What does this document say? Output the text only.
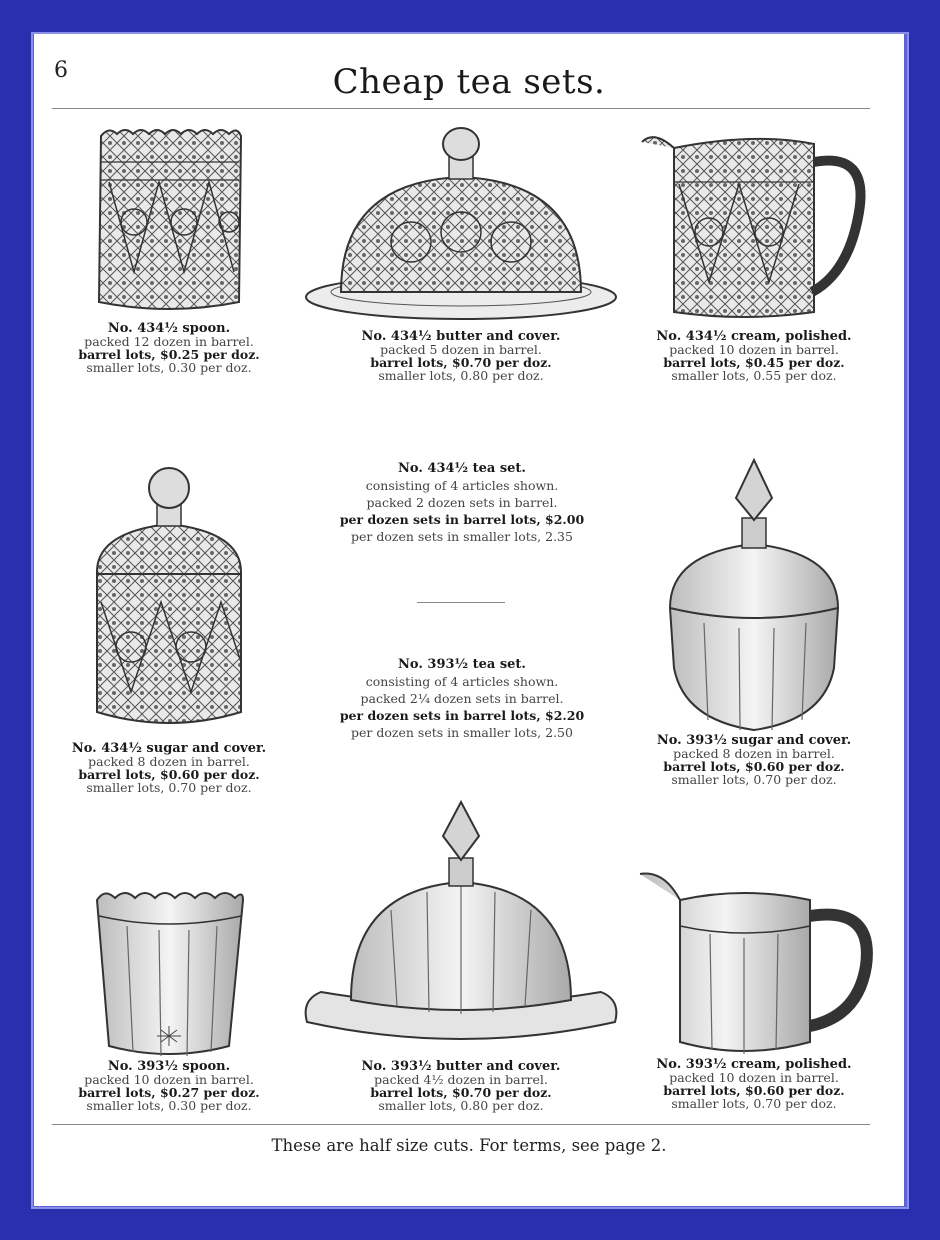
6	Cheap tea sets.
No. 434½ spoon.
packed 12 dozen in barrel.
barrel lots, $0.25 per doz.
smaller lots, 0.30 per doz.
No. 434½ butter and cover.
packed 5 dozen in barrel.
barrel lots, $0.70 per doz.
smaller lots, 0.80 per doz.
No. 434½ cream, polished.
packed 10 dozen in barrel.
barrel lots, $0.45 per doz.
smaller lots, 0.55 per doz.
No. 434½ tea set.
consisting of 4 articles shown.
packed 2 dozen sets in barrel.
per dozen sets in barrel lots, $2.00
per dozen sets in smaller lots, 2.35
No. 393½ tea set.
consisting of 4 articles shown.
packed 2¼ dozen sets in barrel.
per dozen sets in barrel lots, $2.20
per dozen sets in smaller lots, 2.50
No. 434½ sugar and cover.
packed 8 dozen in barrel.
barrel lots, $0.60 per doz.
smaller lots, 0.70 per doz.
No. 393½ sugar and cover.
packed 8 dozen in barrel.
barrel lots, $0.60 per doz.
smaller lots, 0.70 per doz.
No. 393½ spoon.
packed 10 dozen in barrel.
barrel lots, $0.27 per doz.
smaller lots, 0.30 per doz.
No. 393½ butter and cover.
packed 4½ dozen in barrel.
barrel lots, $0.70 per doz.
smaller lots, 0.80 per doz.
No. 393½ cream, polished.
packed 10 dozen in barrel.
barrel lots, $0.60 per doz.
smaller lots, 0.70 per doz.
These are half size cuts. For terms, see page 2.
